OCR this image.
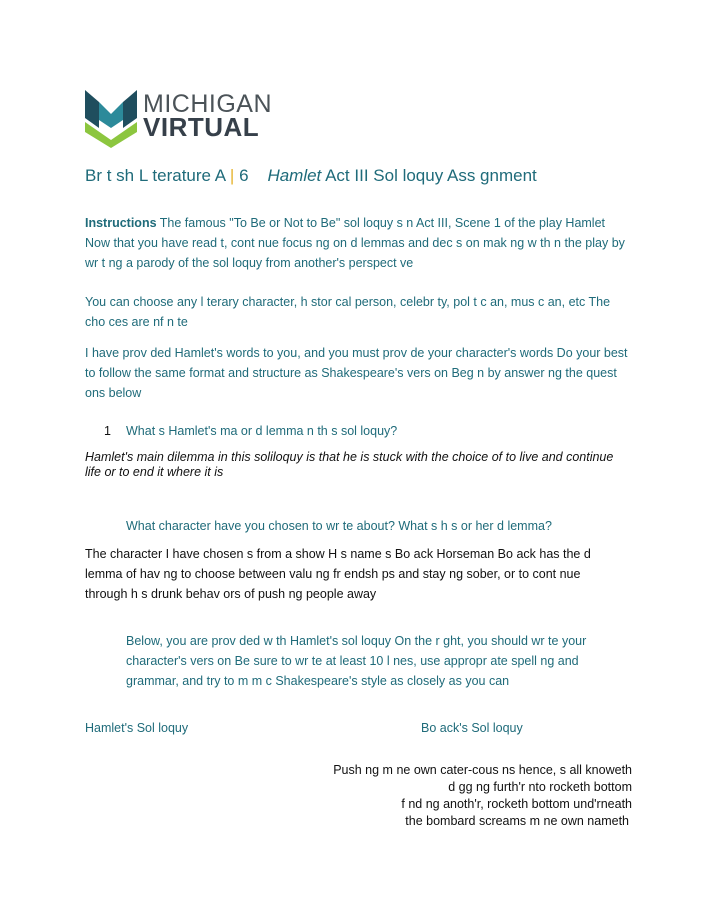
MICHIGAN
VIRTUAL
Br t sh L terature A | 6 Hamlet Act III Sol loquy Ass gnment
Instructions The famous "To Be or Not to Be" sol loquy s n Act III, Scene 1 of the play Hamlet Now that you have read t, cont nue focus ng on d lemmas and dec s on mak ng w th n the play by wr t ng a parody of the sol loquy from another's perspect ve
You can choose any l terary character, h stor cal person, celebr ty, pol t c an, mus c an, etc The cho ces are nf n te
I have prov ded Hamlet's words to you, and you must prov de your character's words Do your best to follow the same format and structure as Shakespeare's vers on Beg n by answer ng the quest ons below
1 What s Hamlet's ma or d lemma n th s sol loquy?
Hamlet's main dilemma in this soliloquy is that he is stuck with the choice of to live and continue life or to end it where it is
What character have you chosen to wr te about? What s h s or her d lemma?
The character I have chosen s from a show H s name s Bo ack Horseman Bo ack has the d lemma of hav ng to choose between valu ng fr endsh ps and stay ng sober, or to cont nue through h s drunk behav ors of push ng people away
Below, you are prov ded w th Hamlet's sol loquy On the r ght, you should wr te your character's vers on Be sure to wr te at least 10 l nes, use appropr ate spell ng and grammar, and try to m m c Shakespeare's style as closely as you can
Hamlet's Sol loquy	Bo ack's Sol loquy
Push ng m ne own cater-cous ns hence, s all knoweth
d gg ng furth'r nto rocketh bottom
f nd ng anoth'r, rocketh bottom und'rneath
the bombard screams m ne own nameth
